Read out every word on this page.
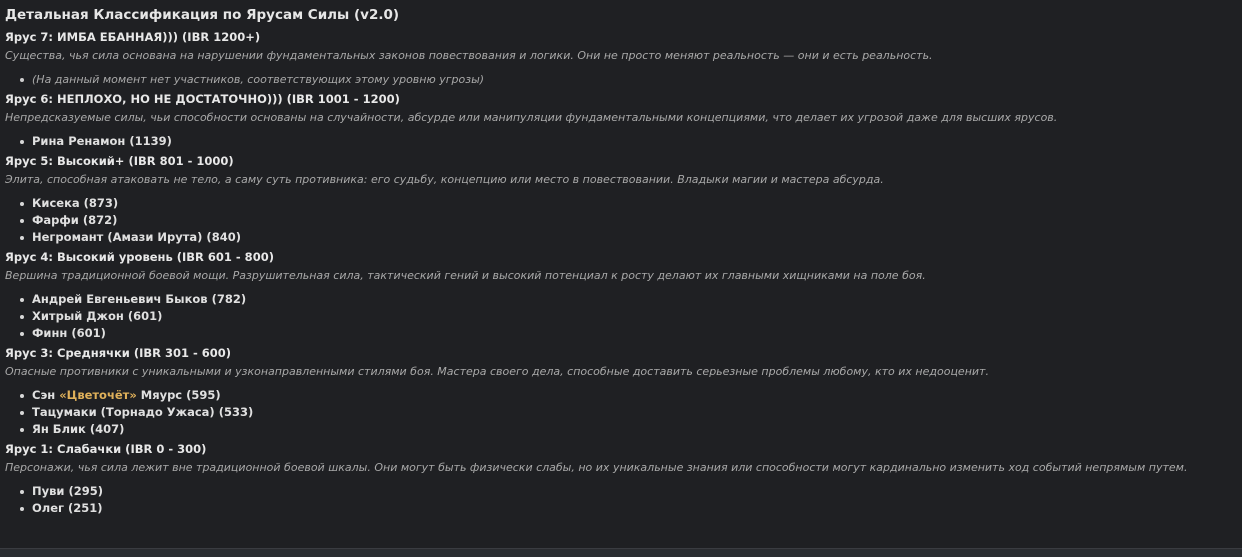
Детальная Классификация по Ярусам Силы (v2.0)
Ярус 7: ИМБА ЕБАННАЯ))) (IBR 1200+)
Существа, чья сила основана на нарушении фундаментальных законов повествования и логики. Они не просто меняют реальность — они и есть реальность.
(На данный момент нет участников, соответствующих этому уровню угрозы)
Ярус 6: НЕПЛОХО, НО НЕ ДОСТАТОЧНО))) (IBR 1001 - 1200)
Непредсказуемые силы, чьи способности основаны на случайности, абсурде или манипуляции фундаментальными концепциями, что делает их угрозой даже для высших ярусов.
Рина Ренамон (1139)
Ярус 5: Высокий+ (IBR 801 - 1000)
Элита, способная атаковать не тело, а саму суть противника: его судьбу, концепцию или место в повествовании. Владыки магии и мастера абсурда.
Кисека (873)
Фарфи (872)
Негромант (Амази Ирута) (840)
Ярус 4: Высокий уровень (IBR 601 - 800)
Вершина традиционной боевой мощи. Разрушительная сила, тактический гений и высокий потенциал к росту делают их главными хищниками на поле боя.
Андрей Евгеньевич Быков (782)
Хитрый Джон (601)
Финн (601)
Ярус 3: Среднячки (IBR 301 - 600)
Опасные противники с уникальными и узконаправленными стилями боя. Мастера своего дела, способные доставить серьезные проблемы любому, кто их недооценит.
Сэн «Цветочёт» Мяурс (595)
Тацумаки (Торнадо Ужаса) (533)
Ян Блик (407)
Ярус 1: Слабачки (IBR 0 - 300)
Персонажи, чья сила лежит вне традиционной боевой шкалы. Они могут быть физически слабы, но их уникальные знания или способности могут кардинально изменить ход событий непрямым путем.
Пуви (295)
Олег (251)
